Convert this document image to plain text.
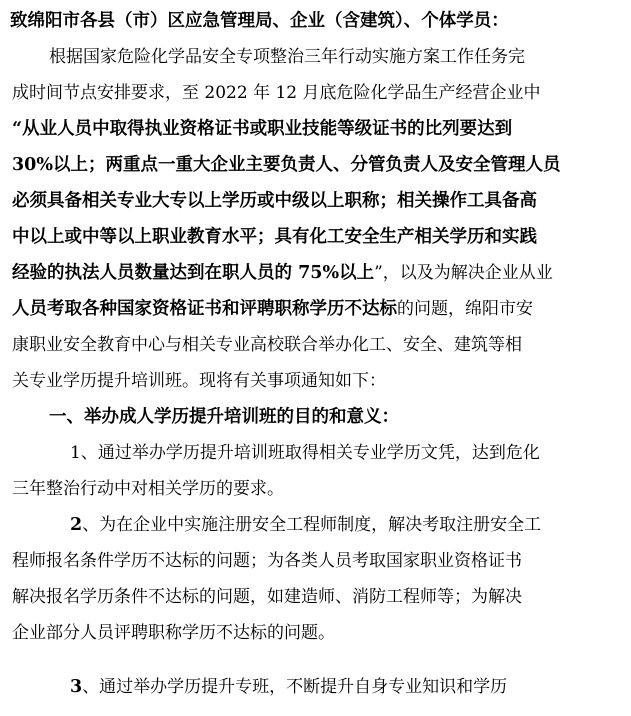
致绵阳市各县（市）区应急管理局、企业（含建筑）、个体学员：
根据国家危险化学品安全专项整治三年行动实施方案工作任务完
成时间节点安排要求，至 2022 年 12 月底危险化学品生产经营企业中
“从业人员中取得执业资格证书或职业技能等级证书的比列要达到
30%以上；两重点一重大企业主要负责人、分管负责人及安全管理人员
必须具备相关专业大专以上学历或中级以上职称；相关操作工具备高
中以上或中等以上职业教育水平；具有化工安全生产相关学历和实践
经验的执法人员数量达到在职人员的 75%以上”，以及为解决企业从业
人员考取各种国家资格证书和评聘职称学历不达标的问题，绵阳市安
康职业安全教育中心与相关专业高校联合举办化工、安全、建筑等相
关专业学历提升培训班。现将有关事项通知如下：
一、举办成人学历提升培训班的目的和意义：
1、通过举办学历提升培训班取得相关专业学历文凭，达到危化
三年整治行动中对相关学历的要求。
2、为在企业中实施注册安全工程师制度，解决考取注册安全工
程师报名条件学历不达标的问题；为各类人员考取国家职业资格证书
解决报名学历条件不达标的问题，如建造师、消防工程师等；为解决
企业部分人员评聘职称学历不达标的问题。
3、通过举办学历提升专班，不断提升自身专业知识和学历
